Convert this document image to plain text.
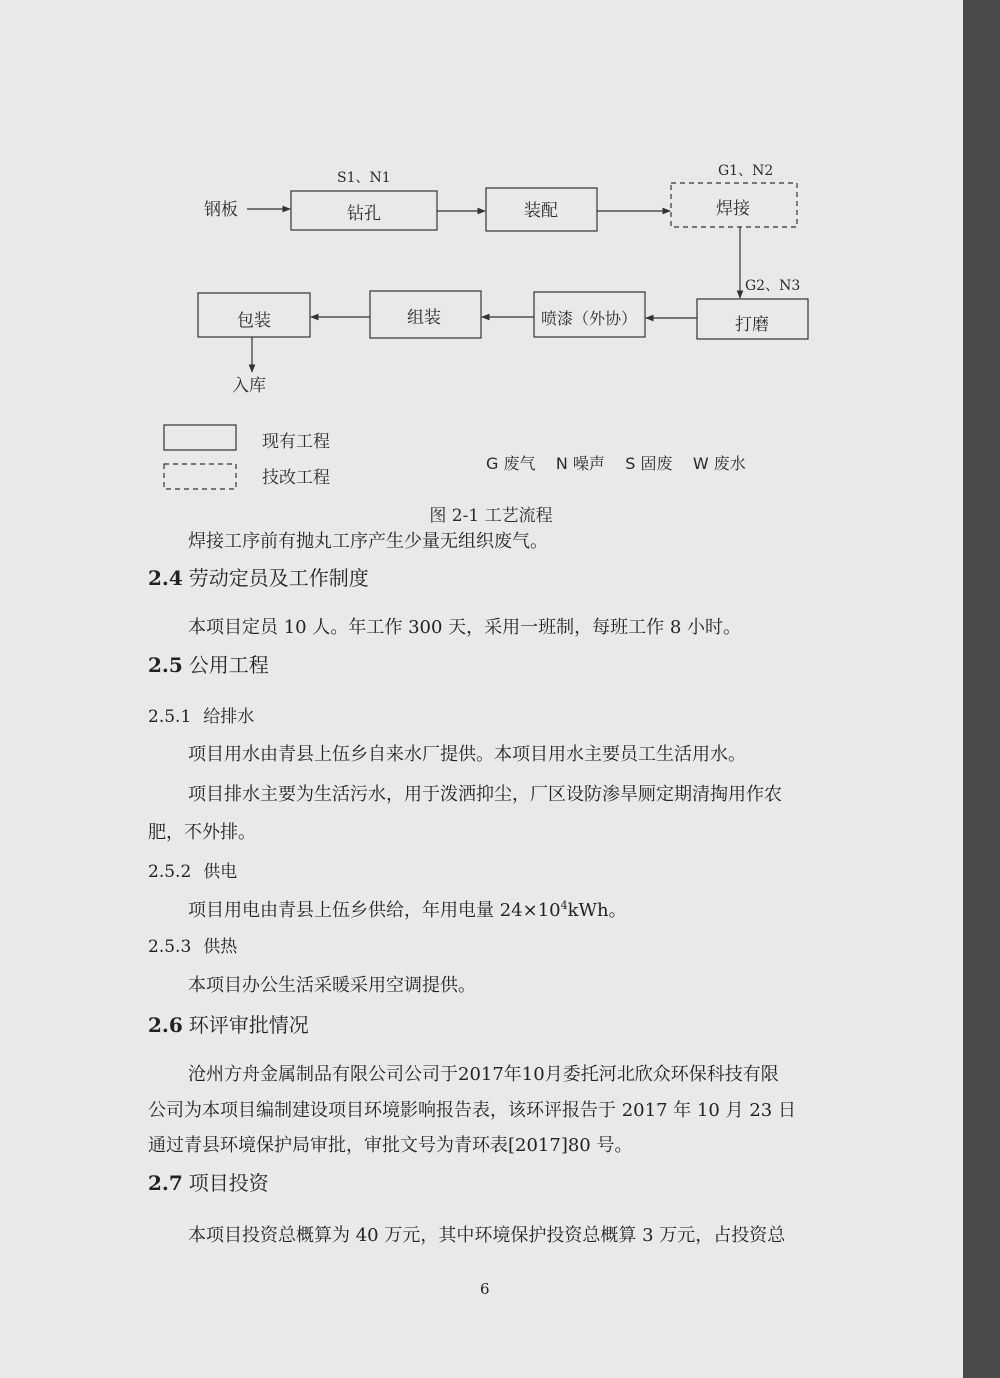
钢板	钻孔	装配	焊接
打磨
喷漆（外协）
组装
包装
入库
S1、N1	G1、N2
G2、N3
现有工程
技改工程
G 废气    N 噪声    S 固废    W 废水
图 2-1 工艺流程
焊接工序前有抛丸工序产生少量无组织废气。
2.4 劳动定员及工作制度
本项目定员 10 人。年工作 300 天，采用一班制，每班工作 8 小时。
2.5 公用工程
2.5.1 给排水
项目用水由青县上伍乡自来水厂提供。本项目用水主要员工生活用水。
项目排水主要为生活污水，用于泼洒抑尘，厂区设防渗旱厕定期清掏用作农
肥，不外排。
2.5.2 供电
项目用电由青县上伍乡供给，年用电量 $24\times 10^4kWh$。
2.5.3 供热
本项目办公生活采暖采用空调提供。
2.6 环评审批情况
沧州方舟金属制品有限公司公司于2017年10月委托河北欣众环保科技有限
公司为本项目编制建设项目环境影响报告表，该环评报告于 2017 年 10 月 23 日
通过青县环境保护局审批，审批文号为青环表[2017]80 号。
2.7 项目投资
本项目投资总概算为 40 万元，其中环境保护投资总概算 3 万元，占投资总
6
